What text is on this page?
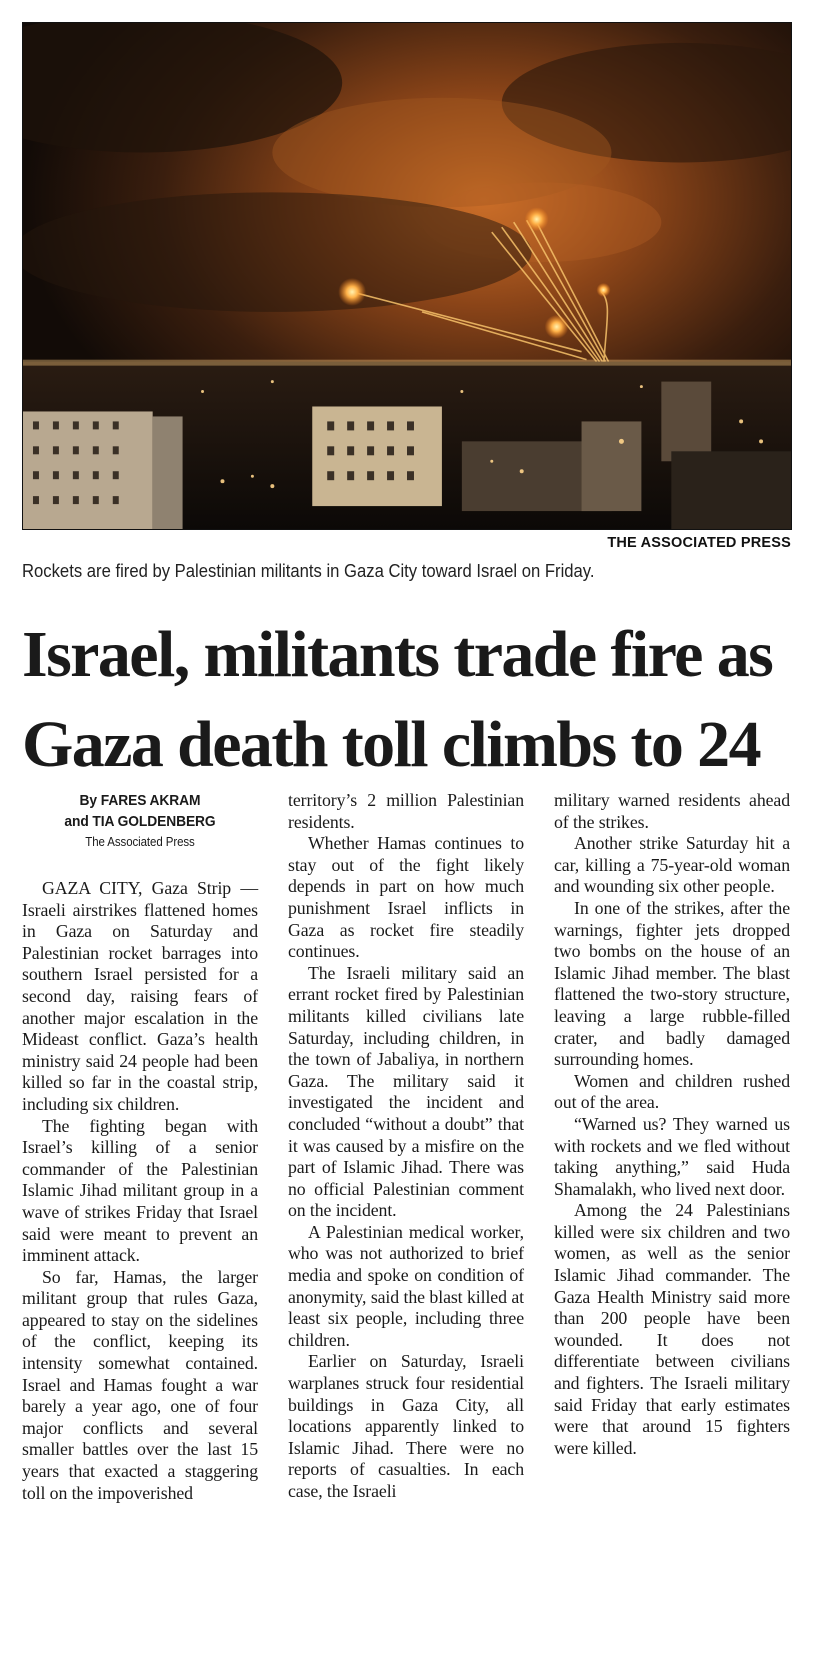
THE ASSOCIATED PRESS
Rockets are fired by Palestinian militants in Gaza City toward Israel on Friday.
Israel, militants trade fire as
Gaza death toll climbs to 24
By FARES AKRAM
and TIA GOLDENBERG
The Associated Press

GAZA CITY, Gaza Strip — Israeli airstrikes flattened homes in Gaza on Saturday and Palestinian rocket barrages into southern Israel persisted for a second day, raising fears of another major escalation in the Mideast conflict. Gaza’s health ministry said 24 people had been killed so far in the coastal strip, including six children.

The fighting began with Israel’s killing of a senior commander of the Palestinian Islamic Jihad militant group in a wave of strikes Friday that Israel said were meant to prevent an imminent attack.

So far, Hamas, the larger militant group that rules Gaza, appeared to stay on the sidelines of the conflict, keeping its intensity somewhat contained. Israel and Hamas fought a war barely a year ago, one of four major conflicts and several smaller battles over the last 15 years that exacted a staggering toll on the impoverished

territory’s 2 million Palestinian residents.

Whether Hamas continues to stay out of the fight likely depends in part on how much punishment Israel inflicts in Gaza as rocket fire steadily continues.

The Israeli military said an errant rocket fired by Palestinian militants killed civilians late Saturday, including children, in the town of Jabaliya, in northern Gaza. The military said it investigated the incident and concluded “without a doubt” that it was caused by a misfire on the part of Islamic Jihad. There was no official Palestinian comment on the incident.

A Palestinian medical worker, who was not authorized to brief media and spoke on condition of anonymity, said the blast killed at least six people, including three children.

Earlier on Saturday, Israeli warplanes struck four residential buildings in Gaza City, all locations apparently linked to Islamic Jihad. There were no reports of casualties. In each case, the Israeli

military warned residents ahead of the strikes.

Another strike Saturday hit a car, killing a 75-year-old woman and wounding six other people.

In one of the strikes, after the warnings, fighter jets dropped two bombs on the house of an Islamic Jihad member. The blast flattened the two-story structure, leaving a large rubble-filled crater, and badly damaged surrounding homes.

Women and children rushed out of the area.

“Warned us? They warned us with rockets and we fled without taking anything,” said Huda Shamalakh, who lived next door.

Among the 24 Palestinians killed were six children and two women, as well as the senior Islamic Jihad commander. The Gaza Health Ministry said more than 200 people have been wounded. It does not differentiate between civilians and fighters. The Israeli military said Friday that early estimates were that around 15 fighters were killed.
